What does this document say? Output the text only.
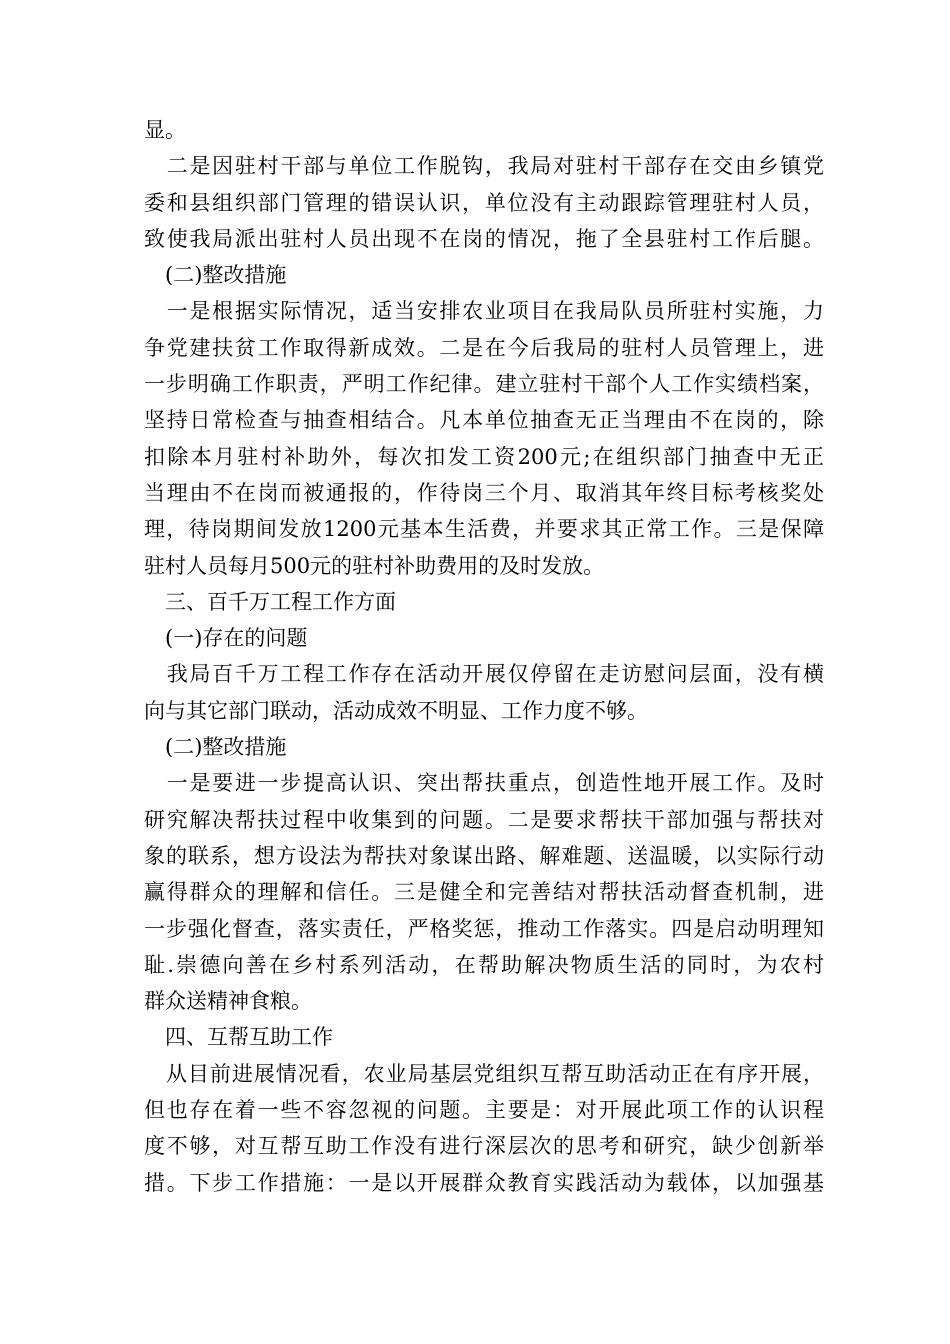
显。
　二是因驻村干部与单位工作脱钩，我局对驻村干部存在交由乡镇党
委和县组织部门管理的错误认识，单位没有主动跟踪管理驻村人员，
致使我局派出驻村人员出现不在岗的情况，拖了全县驻村工作后腿。
　(二)整改措施
　一是根据实际情况，适当安排农业项目在我局队员所驻村实施，力
争党建扶贫工作取得新成效。二是在今后我局的驻村人员管理上，进
一步明确工作职责，严明工作纪律。建立驻村干部个人工作实绩档案，
坚持日常检查与抽查相结合。凡本单位抽查无正当理由不在岗的，除
扣除本月驻村补助外，每次扣发工资200元;在组织部门抽查中无正
当理由不在岗而被通报的，作待岗三个月、取消其年终目标考核奖处
理，待岗期间发放1200元基本生活费，并要求其正常工作。三是保障
驻村人员每月500元的驻村补助费用的及时发放。
　三、百千万工程工作方面
　(一)存在的问题
　我局百千万工程工作存在活动开展仅停留在走访慰问层面，没有横
向与其它部门联动，活动成效不明显、工作力度不够。
　(二)整改措施
　一是要进一步提高认识、突出帮扶重点，创造性地开展工作。及时
研究解决帮扶过程中收集到的问题。二是要求帮扶干部加强与帮扶对
象的联系，想方设法为帮扶对象谋出路、解难题、送温暖，以实际行动
赢得群众的理解和信任。三是健全和完善结对帮扶活动督查机制，进
一步强化督查，落实责任，严格奖惩，推动工作落实。四是启动明理知
耻.崇德向善在乡村系列活动，在帮助解决物质生活的同时，为农村
群众送精神食粮。
　四、互帮互助工作
　从目前进展情况看，农业局基层党组织互帮互助活动正在有序开展，
但也存在着一些不容忽视的问题。主要是：对开展此项工作的认识程
度不够，对互帮互助工作没有进行深层次的思考和研究，缺少创新举
措。下步工作措施：一是以开展群众教育实践活动为载体，以加强基
